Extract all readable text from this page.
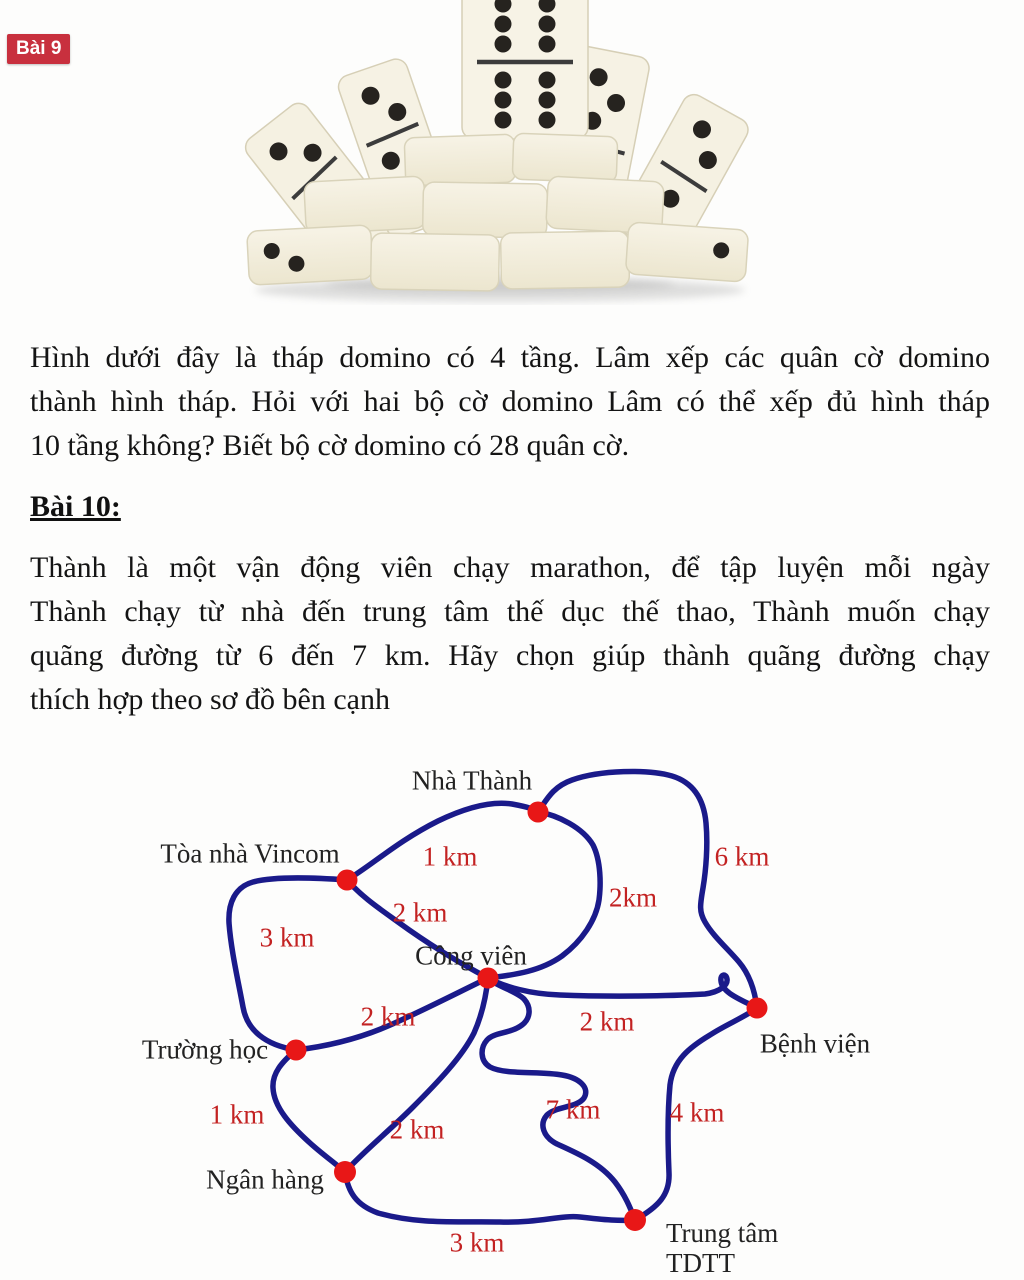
Bài 9
Hình dưới đây là tháp domino có 4 tầng. Lâm xếp các quân cờ domino
thành hình tháp. Hỏi với hai bộ cờ domino Lâm có thể xếp đủ hình tháp
10 tầng không? Biết bộ cờ domino có 28 quân cờ.
Bài 10:
Thành là một vận động viên chạy marathon, để tập luyện mỗi ngày
Thành chạy từ nhà đến trung tâm thế dục thế thao, Thành muốn chạy
quãng đường từ 6 đến 7 km. Hãy chọn giúp thành quãng đường chạy
thích hợp theo sơ đồ bên cạnh
Nhà Thành
Tòa nhà Vincom
Công viên
Trường học
Ngân hàng
Bệnh viện
Trung tâm
TDTT
1 km
2km
6 km
2 km
3 km
2 km	2 km
1 km	2 km
7 km	4 km
3 km
